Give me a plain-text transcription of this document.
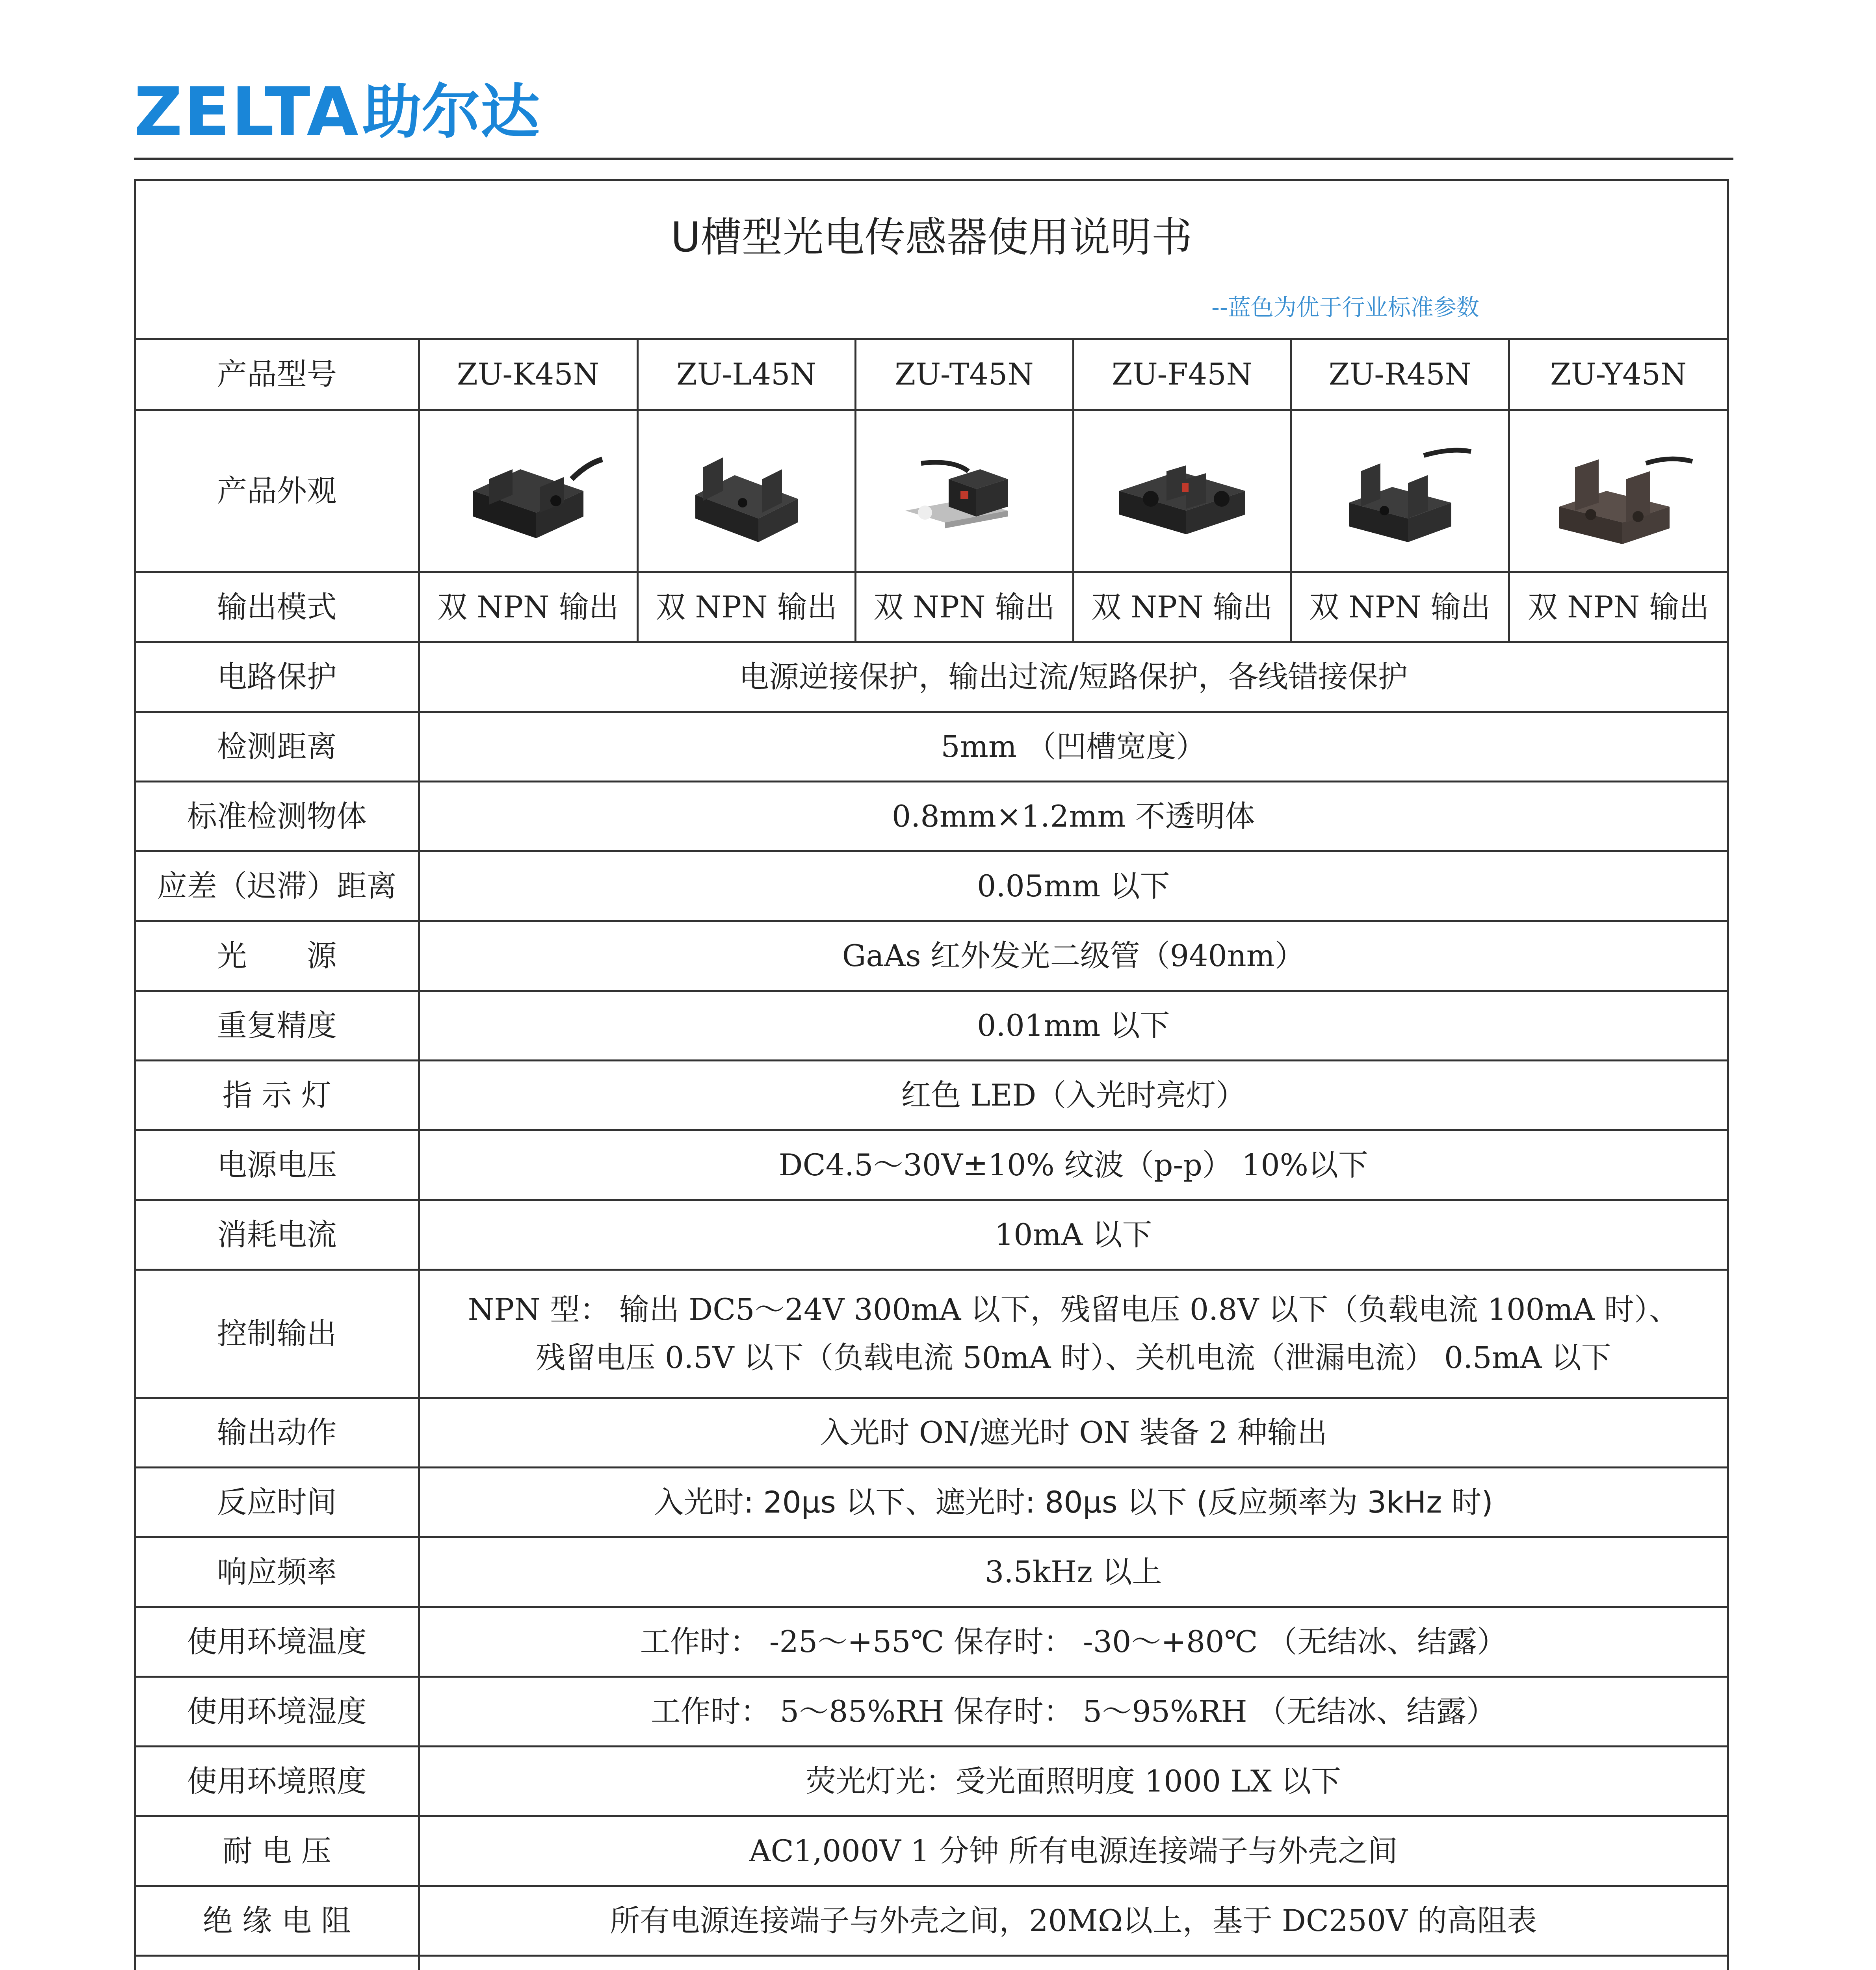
ZELTA 助尔达
U槽型光电传感器使用说明书
--蓝色为优于行业标准参数
产品型号	ZU-K45N	ZU-L45N	ZU-T45N	ZU-F45N	ZU-R45N	ZU-Y45N
产品外观	

输出模式	双 NPN 输出	双 NPN 输出	双 NPN 输出	双 NPN 输出	双 NPN 输出	双 NPN 输出
电路保护	电源逆接保护，输出过流/短路保护，各线错接保护					
检测距离	5mm （凹槽宽度）					
标准检测物体	0.8mm×1.2mm 不透明体					
应差（迟滞）距离	0.05mm 以下					
光　　源	GaAs 红外发光二级管（940nm）					
重复精度	0.01mm 以下					
指 示 灯	红色 LED（入光时亮灯）					
电源电压	DC4.5～30V±10% 纹波（p-p） 10%以下					
消耗电流	10mA 以下					
控制输出	NPN 型： 输出 DC5～24V 300mA 以下，残留电压 0.8V 以下（负载电流 100mA 时）、
残留电压 0.5V 以下（负载电流 50mA 时）、关机电流（泄漏电流） 0.5mA 以下					

输出动作	入光时 ON/遮光时 ON 装备 2 种输出					
反应时间	入光时: 20μs 以下、遮光时: 80μs 以下 (反应频率为 3kHz 时)					
响应频率	3.5kHz 以上					
使用环境温度	工作时： -25～+55℃ 保存时： -30～+80℃ （无结冰、结露）					
使用环境湿度	工作时： 5～85%RH 保存时： 5～95%RH （无结冰、结露）					
使用环境照度	荧光灯光：受光面照明度 1000 LX 以下					
耐 电 压	AC1,000V 1 分钟 所有电源连接端子与外壳之间					
绝 缘 电 阻	所有电源连接端子与外壳之间，20MΩ以上，基于 DC250V 的高阻表					
